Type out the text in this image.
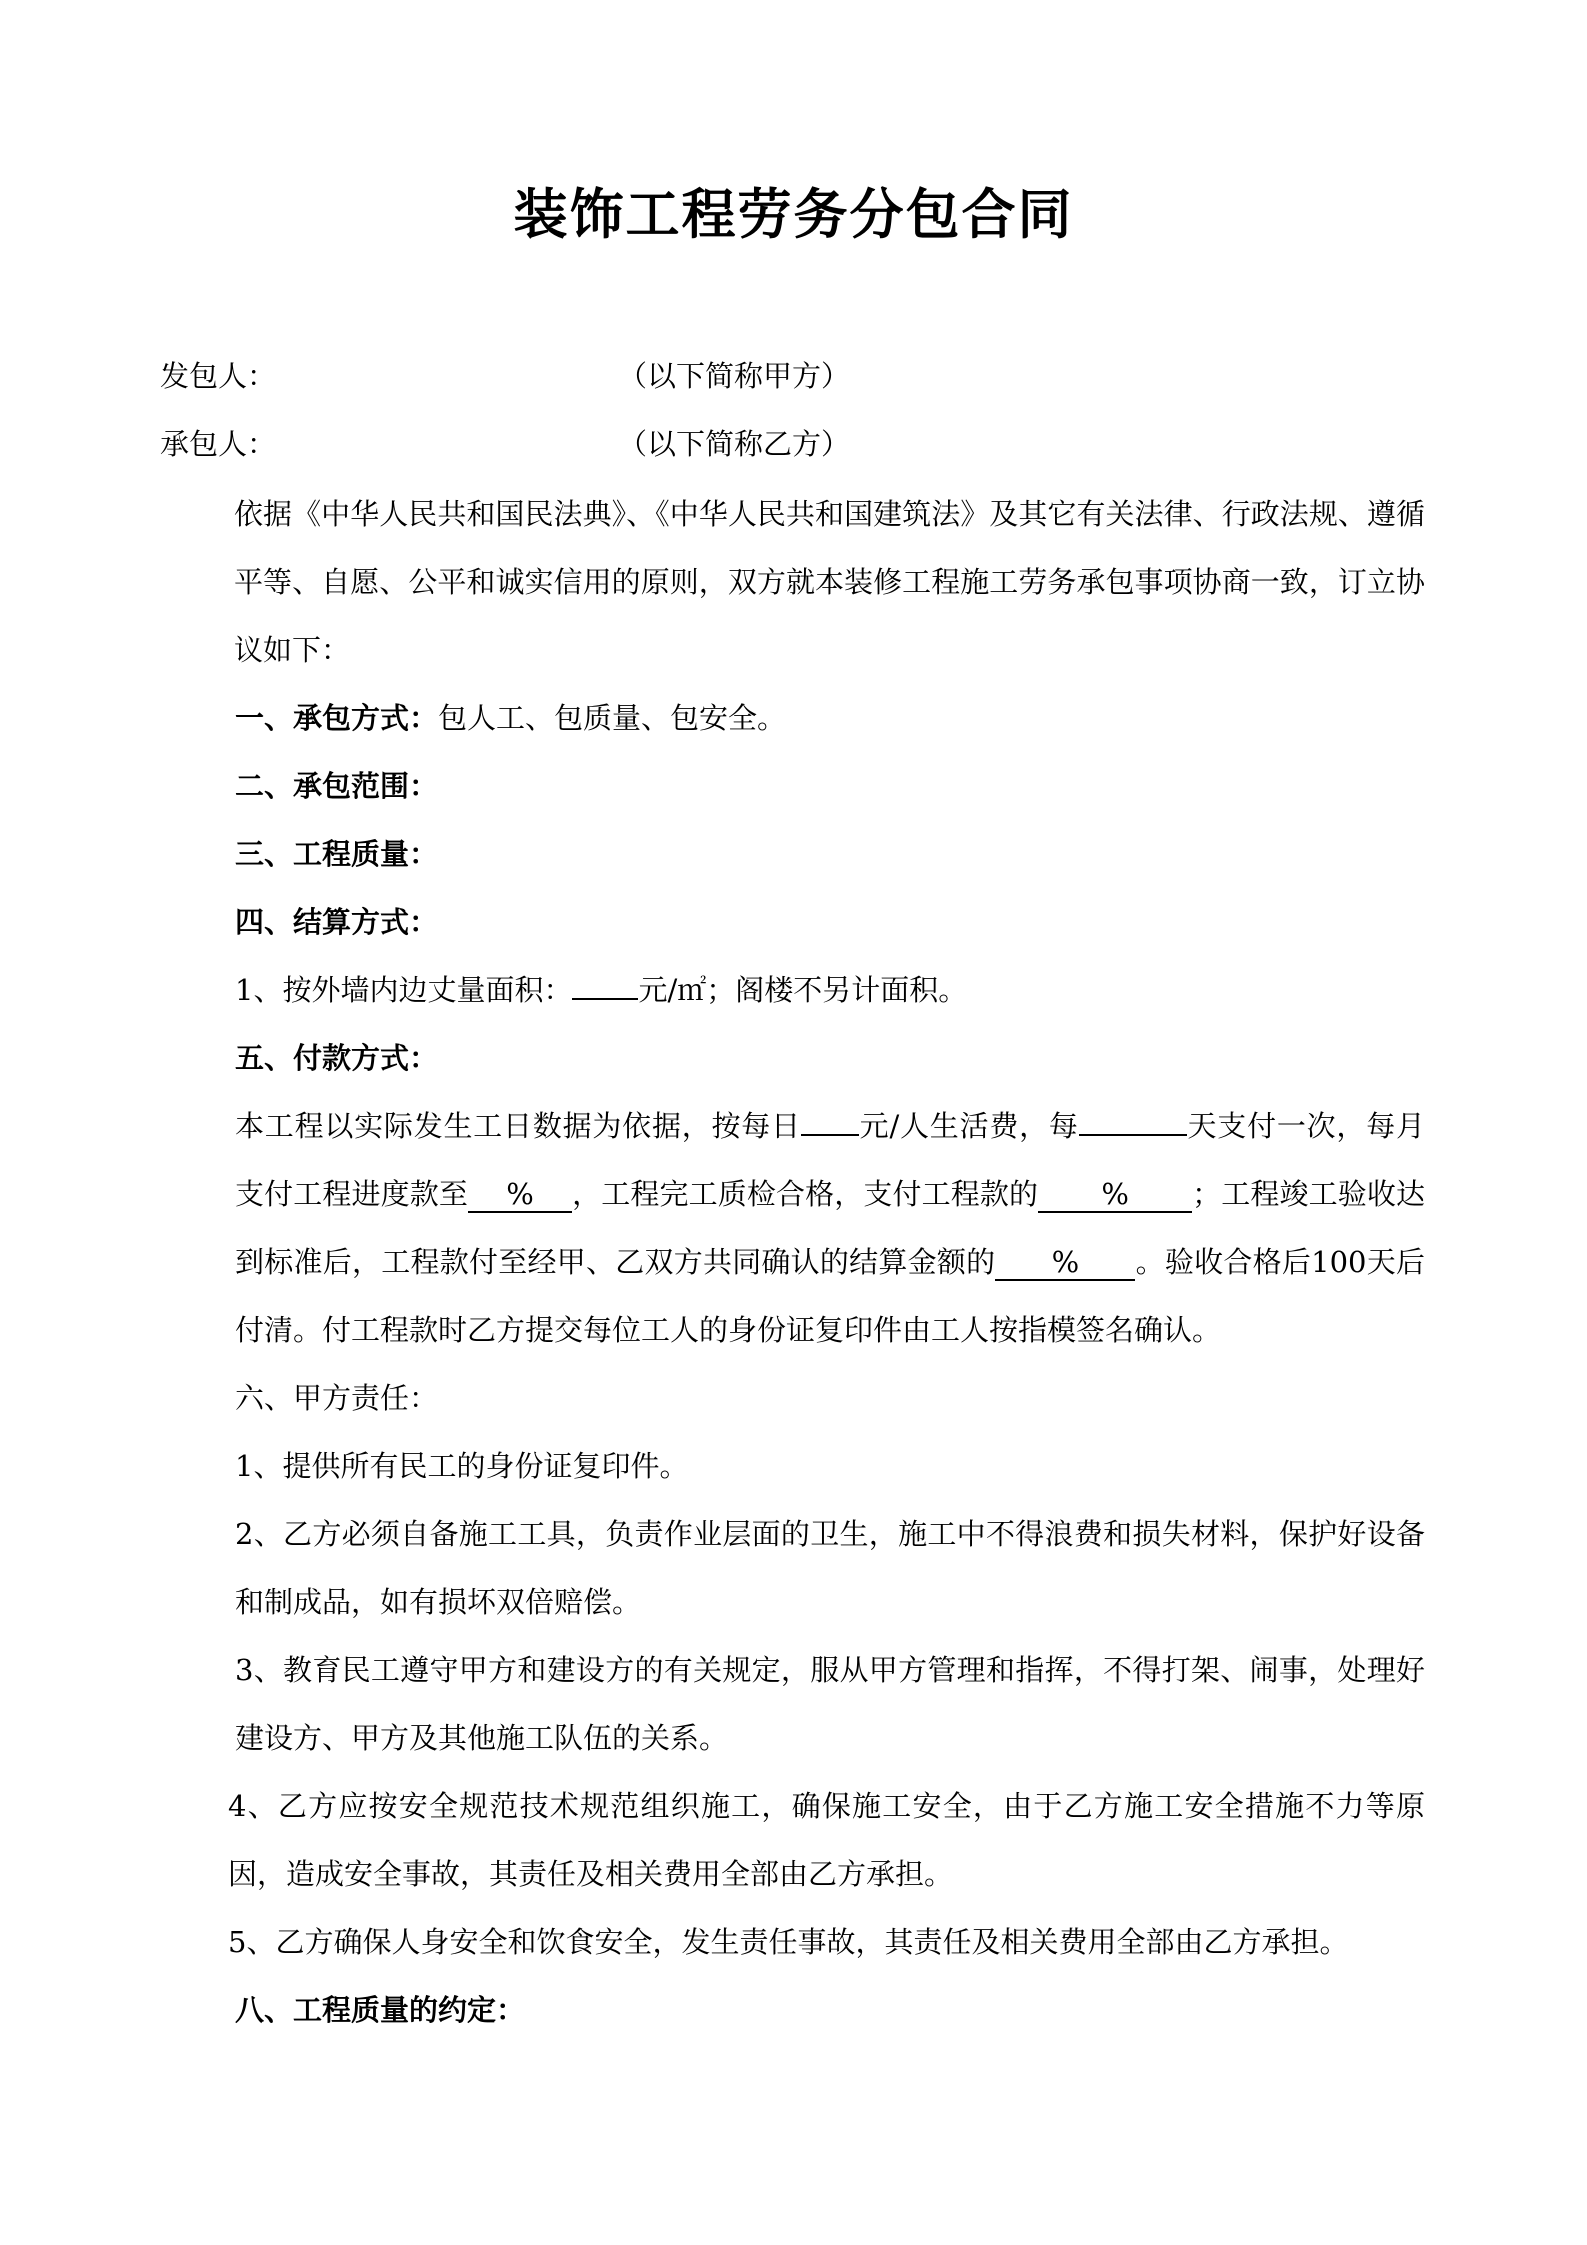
装饰工程劳务分包合同
发包人：	（以下简称甲方）
承包人：	（以下简称乙方）
依据《中华人民共和国民法典》、《中华人民共和国建筑法》及其它有关法律、行政法规、遵循平等、自愿、公平和诚实信用的原则，双方就本装修工程施工劳务承包事项协商一致，订立协议如下：
一、承包方式：包人工、包质量、包安全。
二、承包范围：
三、工程质量：
四、结算方式：
1、按外墙内边丈量面积： 元/㎡；阁楼不另计面积。
五、付款方式：
本工程以实际发生工日数据为依据，按每日 元/人生活费，每	天支付一次，每月支付工程进度款至 % ，工程完工质检合格，支付工程款的 % ；工程竣工验收达到标准后，工程款付至经甲、乙双方共同确认的结算金额的 % 。验收合格后100天后付清。付工程款时乙方提交每位工人的身份证复印件由工人按指模签名确认。
六、甲方责任：
1、提供所有民工的身份证复印件。
2、乙方必须自备施工工具，负责作业层面的卫生，施工中不得浪费和损失材料，保护好设备和制成品，如有损坏双倍赔偿。
3、教育民工遵守甲方和建设方的有关规定，服从甲方管理和指挥，不得打架、闹事，处理好建设方、甲方及其他施工队伍的关系。
4、乙方应按安全规范技术规范组织施工，确保施工安全，由于乙方施工安全措施不力等原因，造成安全事故，其责任及相关费用全部由乙方承担。
5、乙方确保人身安全和饮食安全，发生责任事故，其责任及相关费用全部由乙方承担。
八、工程质量的约定：
